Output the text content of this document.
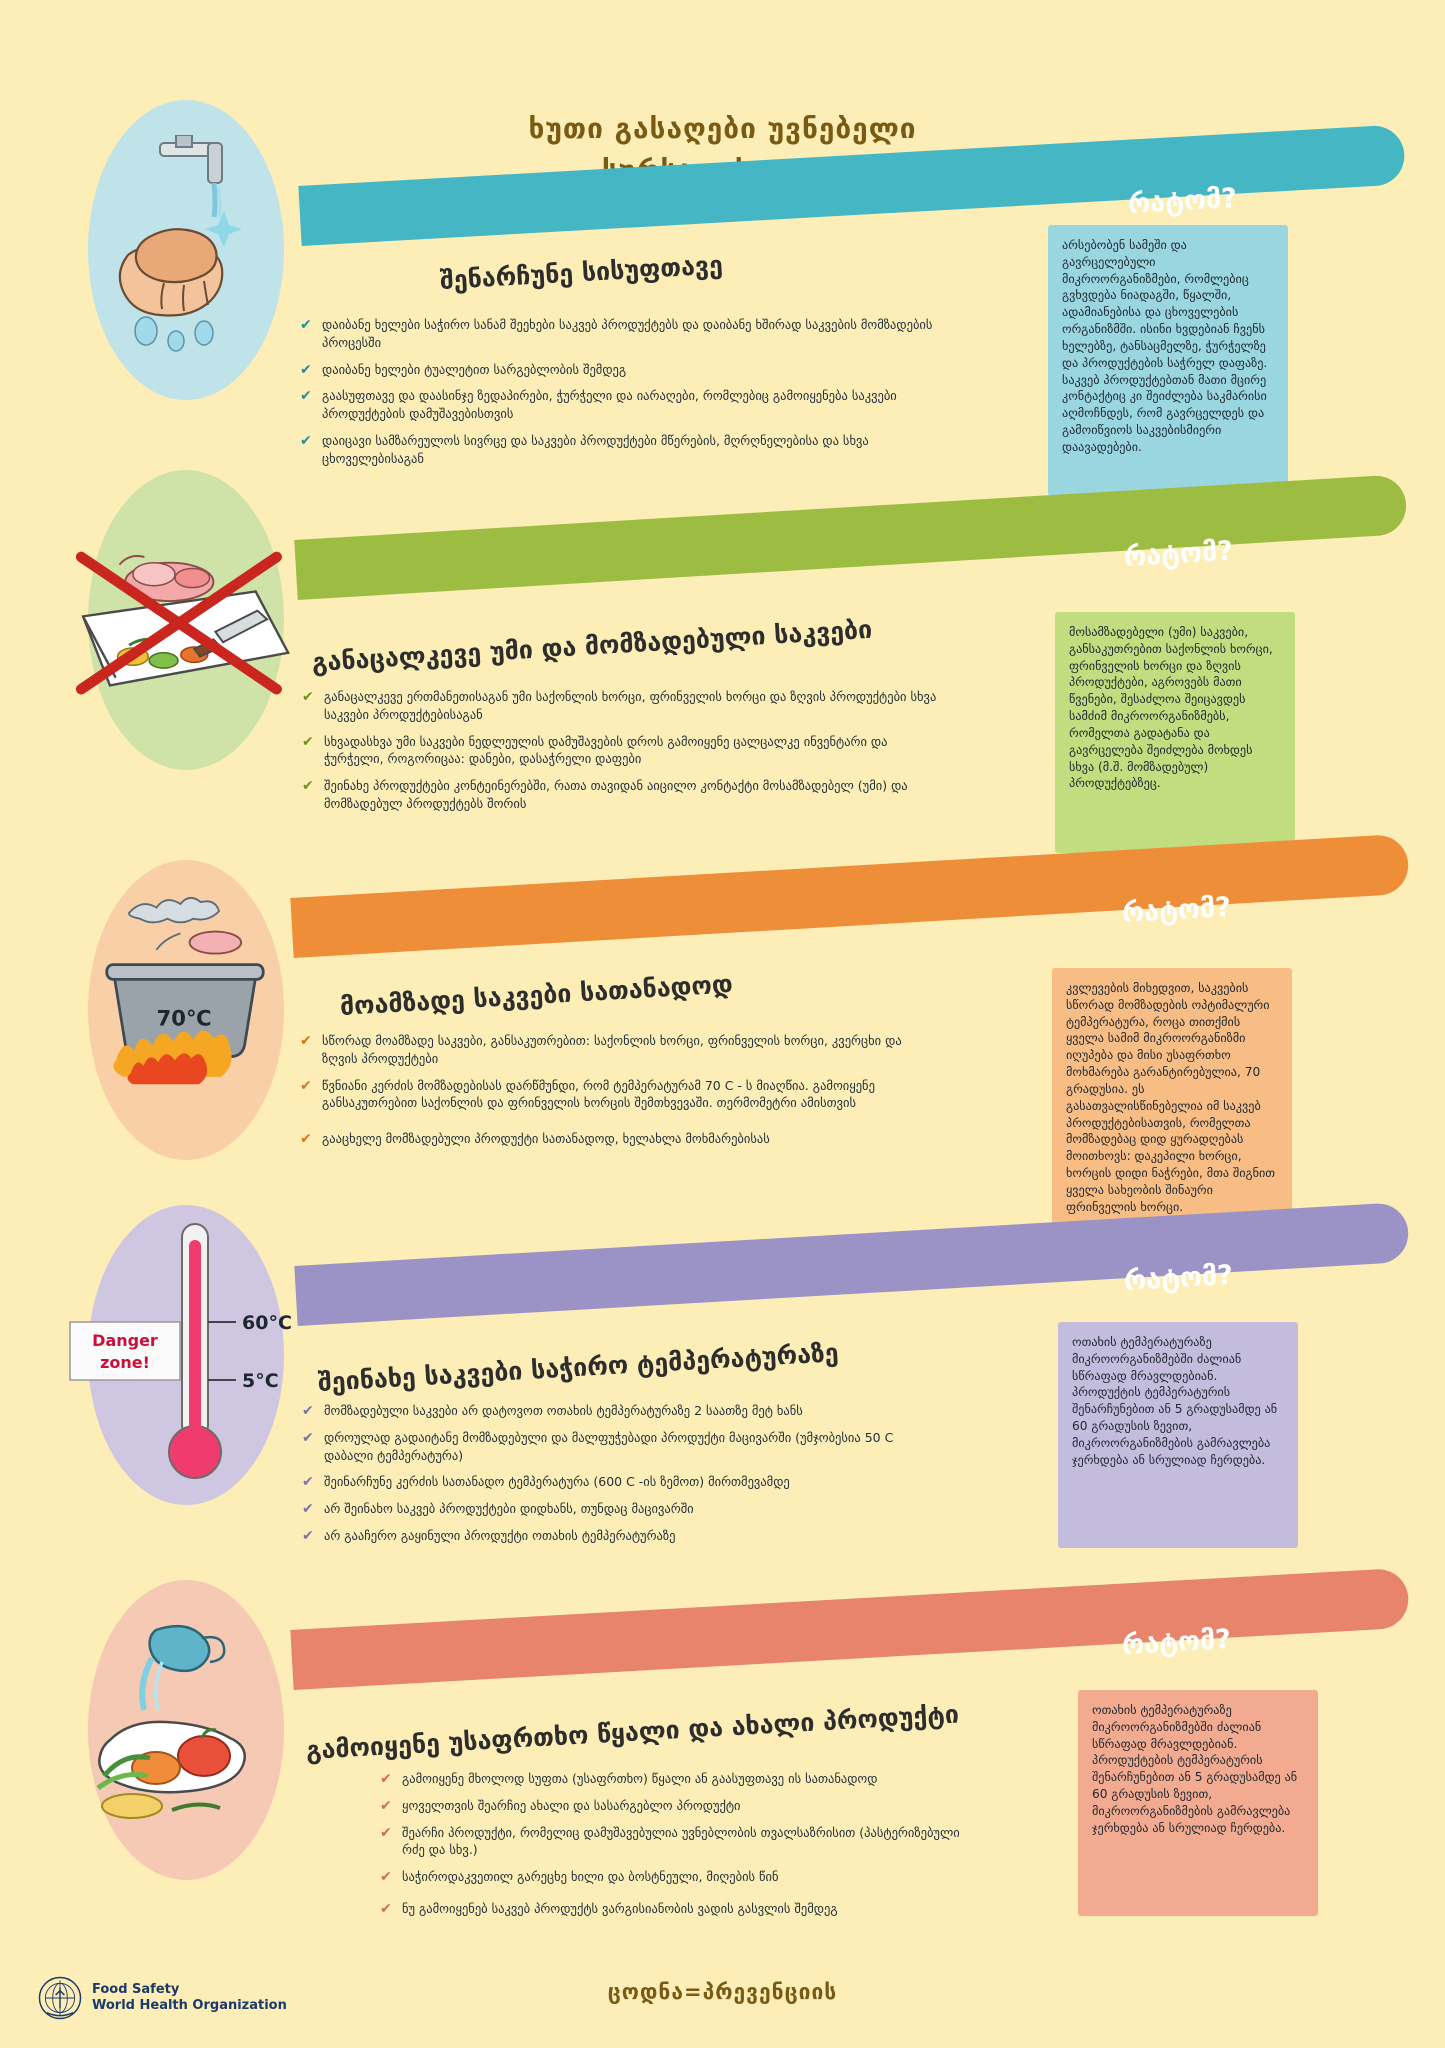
ხუთი გასაღები უვნებელი
შენარჩუნე სისუფთავე
რატომ?
✔ დაიბანე ხელები საჭირო სანამ შეეხები საკვებ პროდუქტებს და დაიბანე ხშირად საკვების მომზადების პროცესში
✔ დაიბანე ხელები ტუალეტით სარგებლობის შემდეგ
✔ გაასუფთავე და დაასინჯე ზედაპირები, ჭურჭელი და იარაღები, რომლებიც გამოიყენება საკვები პროდუქტების დამუშავებისთვის
✔ დაიცავი სამზარეულოს სივრცე და საკვები პროდუქტები მწერების, მღრღნელებისა და სხვა ცხოველებისაგან
არსებობენ სამეში და გავრცელებული მიკროორგანიზმები, რომლებიც გვხვდება ნიადაგში, წყალში, ადამიანებისა და ცხოველების ორგანიზმში. ისინი ხვდებიან ჩვენს ხელებზე, ტანსაცმელზე, ჭურჭელზე და პროდუქტების საჭრელ დაფაზე. საკვებ პროდუქტებთან მათი მცირე კონტაქტიც კი შეიძლება საკმარისი აღმოჩნდეს, რომ გავრცელდეს და გამოიწვიოს საკვებისმიერი დაავადებები.
განაცალკევე უმი და მომზადებული საკვები
რატომ?
✔ განაცალკევე ერთმანეთისაგან უმი საქონლის ხორცი, ფრინველის ხორცი და ზღვის პროდუქტები სხვა საკვები პროდუქტებისაგან
✔ სხვადასხვა უმი საკვები ნედლეულის დამუშავების დროს გამოიყენე ცალცალკე ინვენტარი და ჭურჭელი, როგორიცაა: დანები, დასაჭრელი დაფები
✔ შეინახე პროდუქტები კონტეინერებში, რათა თავიდან აიცილო კონტაქტი მოსამზადებელ (უმი) და მომზადებულ პროდუქტებს შორის
მოსამზადებელი (უმი) საკვები, განსაკუთრებით საქონლის ხორცი, ფრინველის ხორცი და ზღვის პროდუქტები, აგროვებს მათი წვენები, შესაძლოა შეიცავდეს სამძიმ მიკროორგანიზმებს, რომელთა გადატანა და გავრცელება შეიძლება მოხდეს სხვა (მ.შ. მომზადებულ) პროდუქტებზეც.
70℃	მოამზადე საკვები სათანადოდ
რატომ?
✔ სწორად მოამზადე საკვები, განსაკუთრებით: საქონლის ხორცი, ფრინველის ხორცი, კვერცხი და ზღვის პროდუქტები
✔ წვნიანი კერძის მომზადებისას დარწმუნდი, რომ ტემპერატურამ 70 C - ს მიაღწია. გამოიყენე განსაკუთრებით საქონლის და ფრინველის ხორცის შემთხვევაში. თერმომეტრი ამისთვის
✔ გააცხელე მომზადებული პროდუქტი სათანადოდ, ხელახლა მოხმარებისას
კვლევების მიხედვით, საკვების სწორად მომზადების ოპტიმალური ტემპერატურა, როცა თითქმის ყველა სამიმ მიკროორგანიზმი იღუპება და მისი უსაფრთხო მოხმარება გარანტირებულია, 70 გრადუსია. ეს გასათვალისწინებელია იმ საკვებ პროდუქტებისათვის, რომელთა მომზადებაც დიდ ყურადღებას მოითხოვს: დაკეპილი ხორცი, ხორცის დიდი ნაჭრები, მთა შიგნით ყველა სახეობის შინაური ფრინველის ხორცი.
Danger
zone!
60°C
5°C შეინახე საკვები საჭირო ტემპერატურაზე
რატომ?
✔ მომზადებული საკვები არ დატოვოთ ოთახის ტემპერატურაზე 2 საათზე მეტ ხანს
✔ დროულად გადაიტანე მომზადებული და მალფუჭებადი პროდუქტი მაცივარში (უმჯობესია 50 C დაბალი ტემპერატურა)
✔ შეინარჩუნე კერძის სათანადო ტემპერატურა (600 C -ის ზემოთ) მირთმევამდე
✔ არ შეინახო საკვებ პროდუქტები დიდხანს, თუნდაც მაცივარში
✔ არ გააჩერო გაყინული პროდუქტი ოთახის ტემპერატურაზე
ოთახის ტემპერატურაზე მიკროორგანიზმებში ძალიან სწრაფად მრავლდებიან. პროდუქტის ტემპერატურის შენარჩუნებით ან 5 გრადუსამდე ან 60 გრადუსის ზევით, მიკროორგანიზმების გამრავლება ჯერხდება ან სრულიად ჩერდება.
გამოიყენე უსაფრთხო წყალი და ახალი პროდუქტი
რატომ?
✔ გამოიყენე მხოლოდ სუფთა (უსაფრთხო) წყალი ან გაასუფთავე ის სათანადოდ
✔ ყოველთვის შეარჩიე ახალი და სასარგებლო პროდუქტი
✔ შეარჩი პროდუქტი, რომელიც დამუშავებულია უვნებლობის თვალსაზრისით (პასტერიზებული რძე და სხვ.)
✔ საჭიროდაკვეთილ გარეცხე ხილი და ბოსტნეული, მიღების წინ
✔ ნუ გამოიყენებ საკვებ პროდუქტს ვარგისიანობის ვადის გასვლის შემდეგ
ოთახის ტემპერატურაზე მიკროორგანიზმებში ძალიან სწრაფად მრავლდებიან. პროდუქტების ტემპერატურის შენარჩუნებით ან 5 გრადუსამდე ან 60 გრადუსის ზევით, მიკროორგანიზმების გამრავლება ჯერხდება ან სრულიად ჩერდება.
Food Safety
World Health Organization
ცოდნა=პრევენციის
